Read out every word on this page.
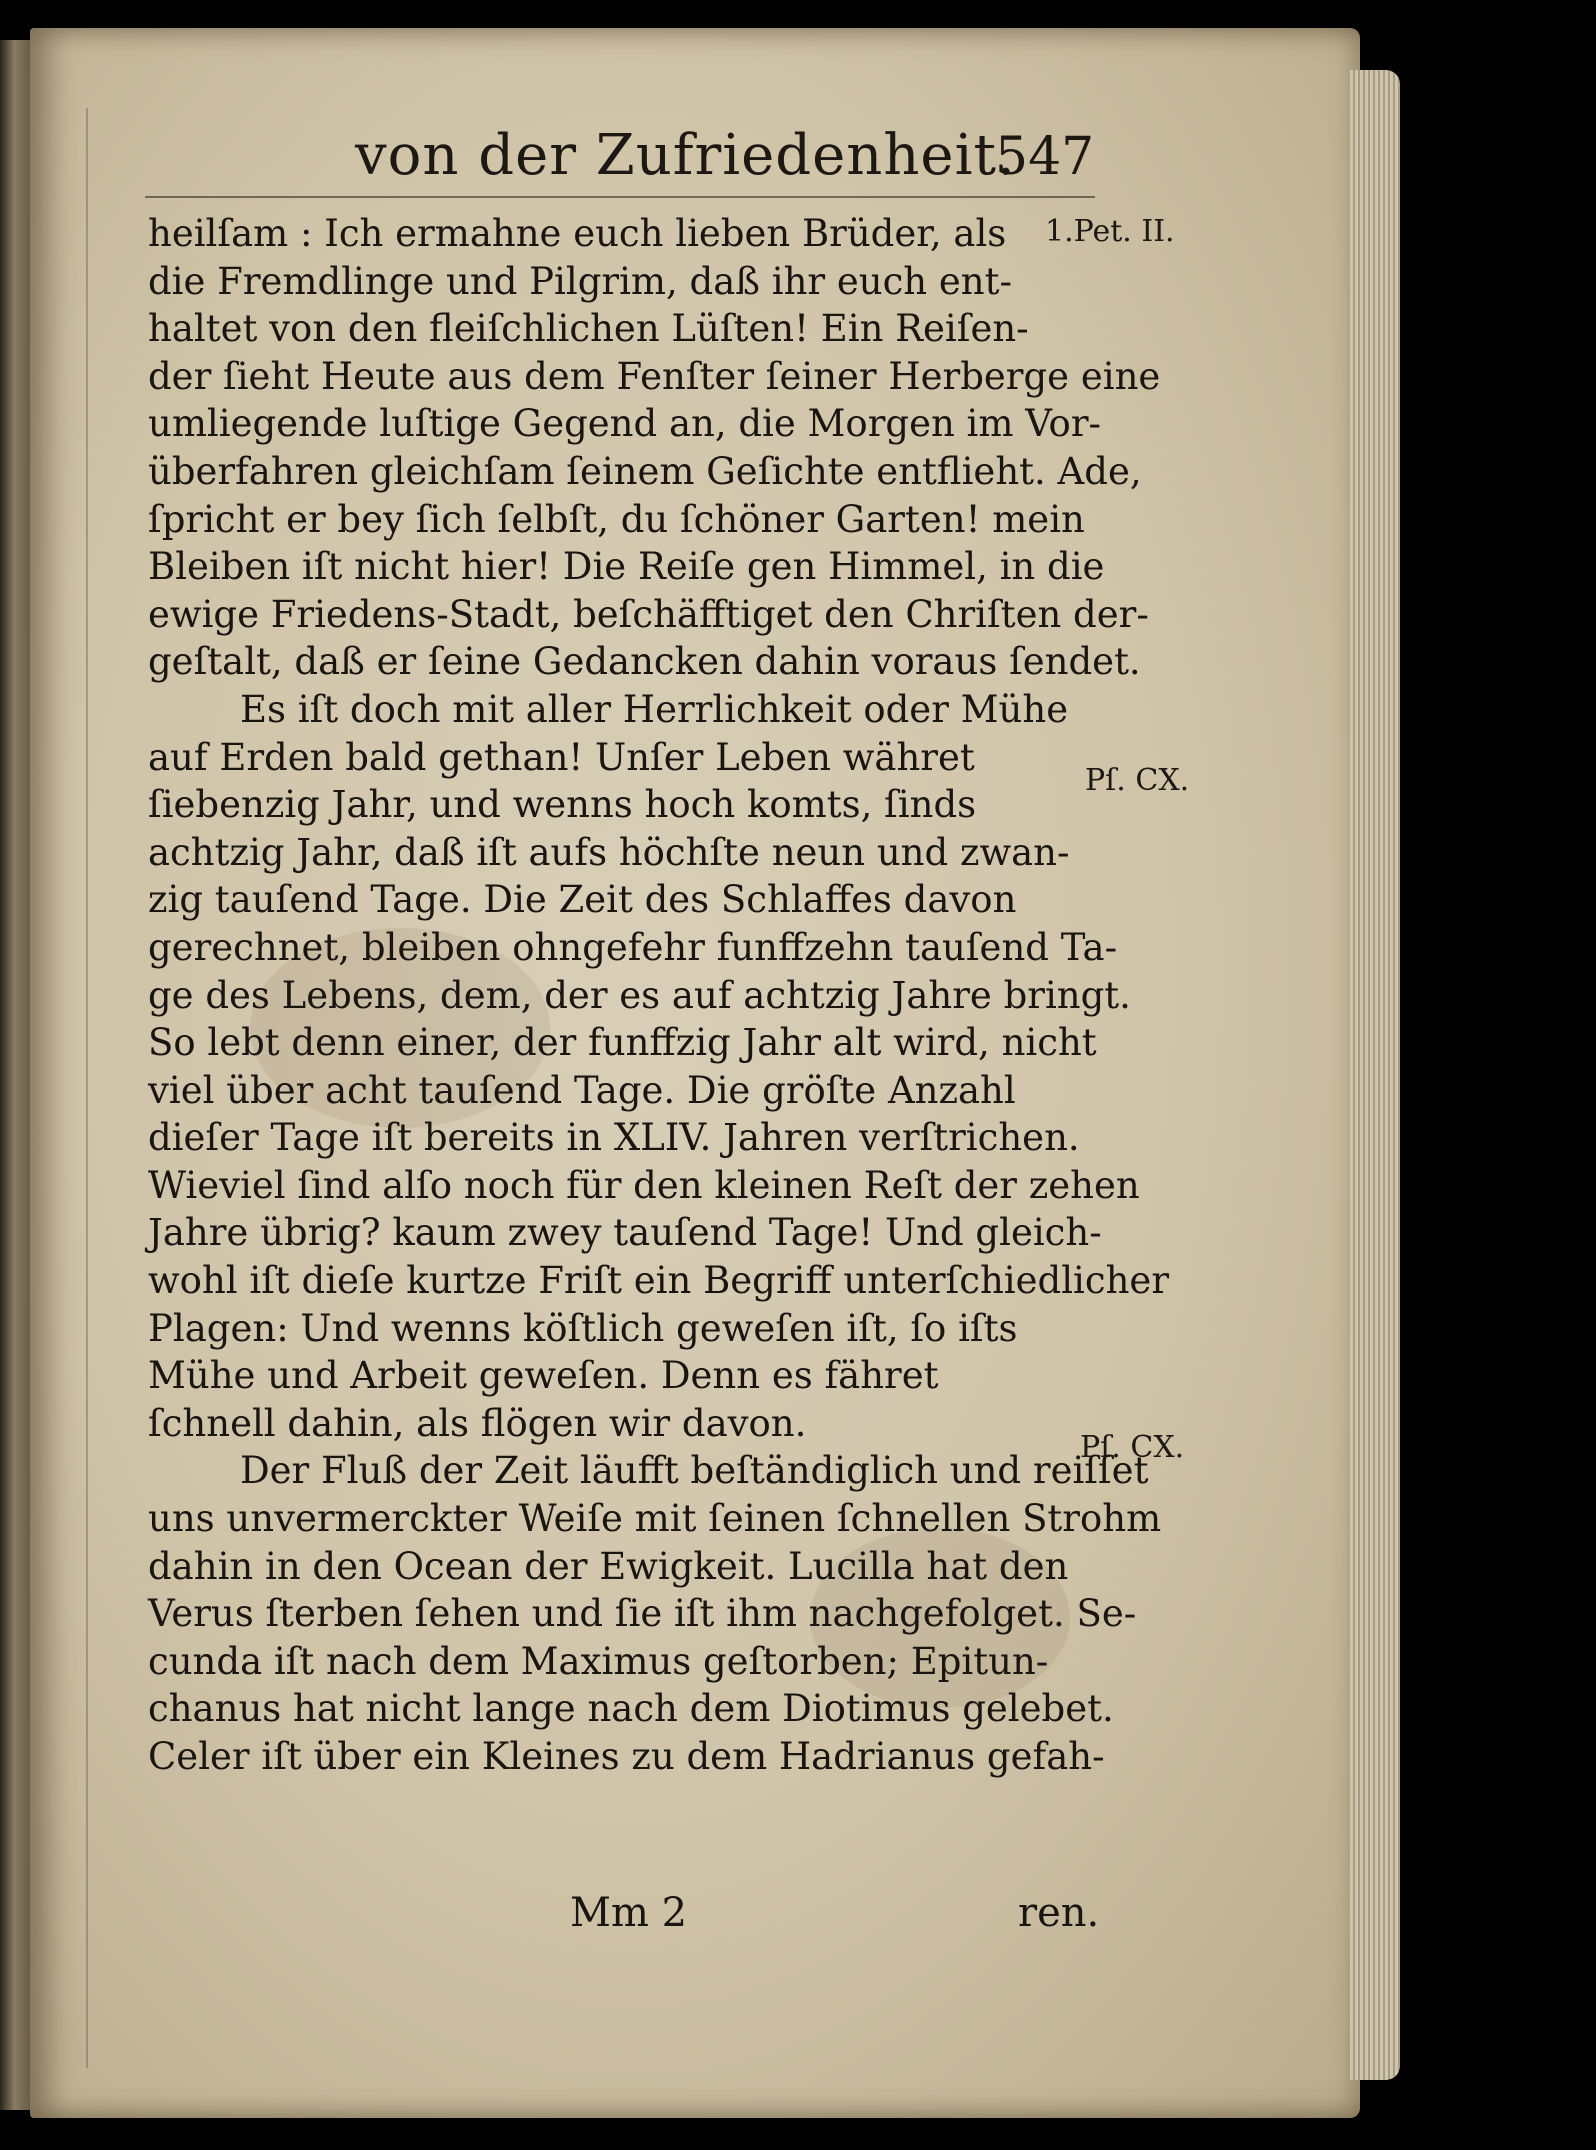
von der Zufriedenheit.
547
heilſam : Ich ermahne euch lieben Brüder, als
die Fremdlinge und Pilgrim, daß ihr euch ent-
haltet von den fleiſchlichen Lüſten! Ein Reiſen-
der ſieht Heute aus dem Fenſter ſeiner Herberge eine
umliegende luſtige Gegend an, die Morgen im Vor-
überfahren gleichſam ſeinem Geſichte entflieht. Ade,
ſpricht er bey ſich ſelbſt, du ſchöner Garten! mein
Bleiben iſt nicht hier! Die Reiſe gen Himmel, in die
ewige Friedens-Stadt, beſchäfftiget den Chriſten der-
geſtalt, daß er ſeine Gedancken dahin voraus ſendet.
Es iſt doch mit aller Herrlichkeit oder Mühe
auf Erden bald gethan! Unſer Leben währet
ſiebenzig Jahr, und wenns hoch komts, ſinds
achtzig Jahr, daß iſt aufs höchſte neun und zwan-
zig tauſend Tage. Die Zeit des Schlaffes davon
gerechnet, bleiben ohngefehr funffzehn tauſend Ta-
ge des Lebens, dem, der es auf achtzig Jahre bringt.
So lebt denn einer, der funffzig Jahr alt wird, nicht
viel über acht tauſend Tage. Die gröſte Anzahl
dieſer Tage iſt bereits in XLIV. Jahren verſtrichen.
Wieviel ſind alſo noch für den kleinen Reſt der zehen
Jahre übrig? kaum zwey tauſend Tage! Und gleich-
wohl iſt dieſe kurtze Friſt ein Begriff unterſchiedlicher
Plagen: Und wenns köſtlich geweſen iſt, ſo iſts
Mühe und Arbeit geweſen. Denn es fähret
ſchnell dahin, als flögen wir davon.
Der Fluß der Zeit läufft beſtändiglich und reiſſet
uns unvermerckter Weiſe mit ſeinen ſchnellen Strohm
dahin in den Ocean der Ewigkeit. Lucilla hat den
Verus ſterben ſehen und ſie iſt ihm nachgefolget. Se-
cunda iſt nach dem Maximus geſtorben; Epitun-
chanus hat nicht lange nach dem Diotimus gelebet.
Celer iſt über ein Kleines zu dem Hadrianus gefah-
1.Pet. II.
Pſ. CX.
Pſ. CX.
Mm 2	ren.
